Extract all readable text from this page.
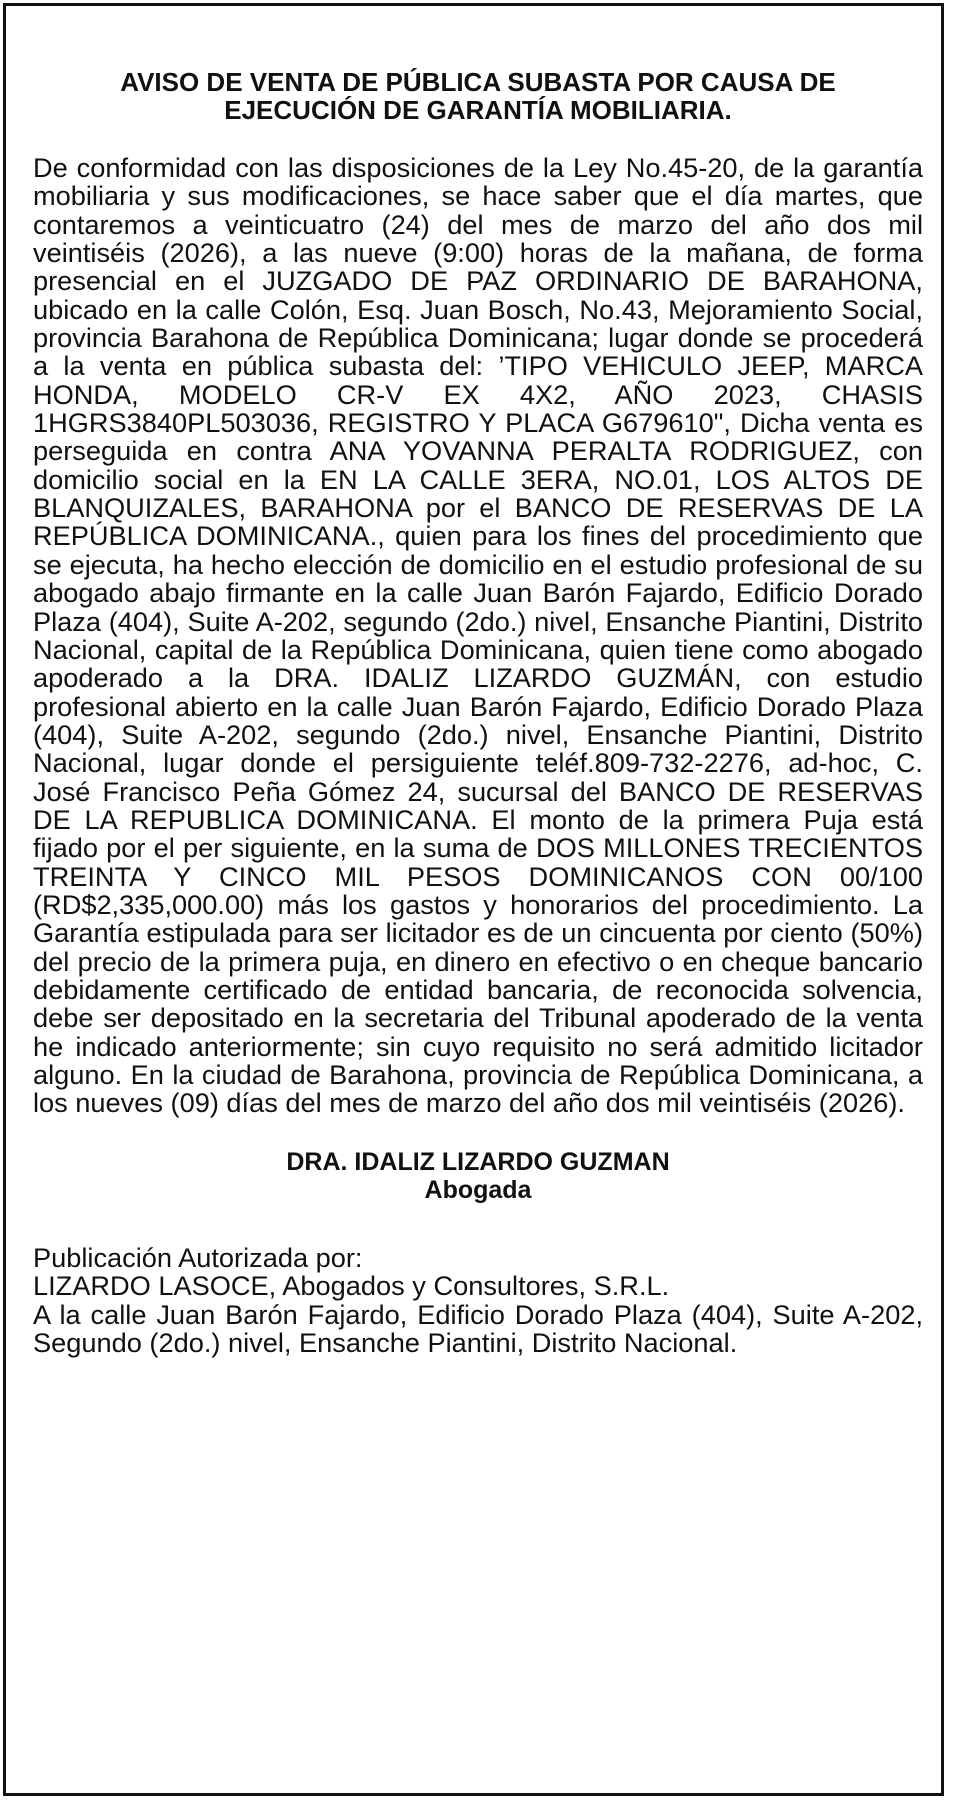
AVISO DE VENTA DE PÚBLICA SUBASTA POR CAUSA DE
EJECUCIÓN DE GARANTÍA MOBILIARIA.

De conformidad con las disposiciones de la Ley No.45-20, de la garantía mobiliaria y sus modificaciones, se hace saber que el día martes, que contaremos a veinticuatro (24) del mes de marzo del año dos mil veintiséis (2026), a las nueve (9:00) horas de la mañana, de forma presencial en el JUZGADO DE PAZ ORDINARIO DE BARAHONA, ubicado en la calle Colón, Esq. Juan Bosch, No.43, Mejoramiento Social, provincia Barahona de República Dominicana; lugar donde se procederá a la venta en pública subasta del: ’TIPO VEHICULO JEEP, MARCA HONDA, MODELO CR-V EX 4X2, AÑO 2023, CHASIS 1HGRS3840PL503036, REGISTRO Y PLACA G679610", Dicha venta es perseguida en contra ANA YOVANNA PERALTA RODRIGUEZ, con domicilio social en la EN LA CALLE 3ERA, NO.01, LOS ALTOS DE BLANQUIZALES, BARAHONA por el BANCO DE RESERVAS DE LA REPÚBLICA DOMINICANA., quien para los fines del procedimiento que se ejecuta, ha hecho elección de domicilio en el estudio profesional de su abogado abajo firmante en la calle Juan Barón Fajardo, Edificio Dorado Plaza (404), Suite A-202, segundo (2do.) nivel, Ensanche Piantini, Distrito Nacional, capital de la República Dominicana, quien tiene como abogado apoderado a la DRA. IDALIZ LIZARDO GUZMÁN, con estudio profesional abierto en la calle Juan Barón Fajardo, Edificio Dorado Plaza (404), Suite A-202, segundo (2do.) nivel, Ensanche Piantini, Distrito Nacional, lugar donde el persiguiente teléf.809-732-2276, ad-hoc, C. José Francisco Peña Gómez 24, sucursal del BANCO DE RESERVAS DE LA REPUBLICA DOMINICANA. El monto de la primera Puja está fijado por el per siguiente, en la suma de DOS MILLONES TRECIENTOS TREINTA Y CINCO MIL PESOS DOMINICANOS CON 00/100 (RD$2,335,000.00) más los gastos y honorarios del procedimiento. La Garantía estipulada para ser licitador es de un cincuenta por ciento (50%) del precio de la primera puja, en dinero en efectivo o en cheque bancario debidamente certificado de entidad bancaria, de reconocida solvencia, debe ser depositado en la secretaria del Tribunal apoderado de la venta he indicado anteriormente; sin cuyo requisito no será admitido licitador alguno. En la ciudad de Barahona, provincia de República Dominicana, a los nueves (09) días del mes de marzo del año dos mil veintiséis (2026).

DRA. IDALIZ LIZARDO GUZMAN
Abogada
Publicación Autorizada por:
LIZARDO LASOCE, Abogados y Consultores, S.R.L.
A la calle Juan Barón Fajardo, Edificio Dorado Plaza (404), Suite A-202, Segundo (2do.) nivel, Ensanche Piantini, Distrito Nacional.
